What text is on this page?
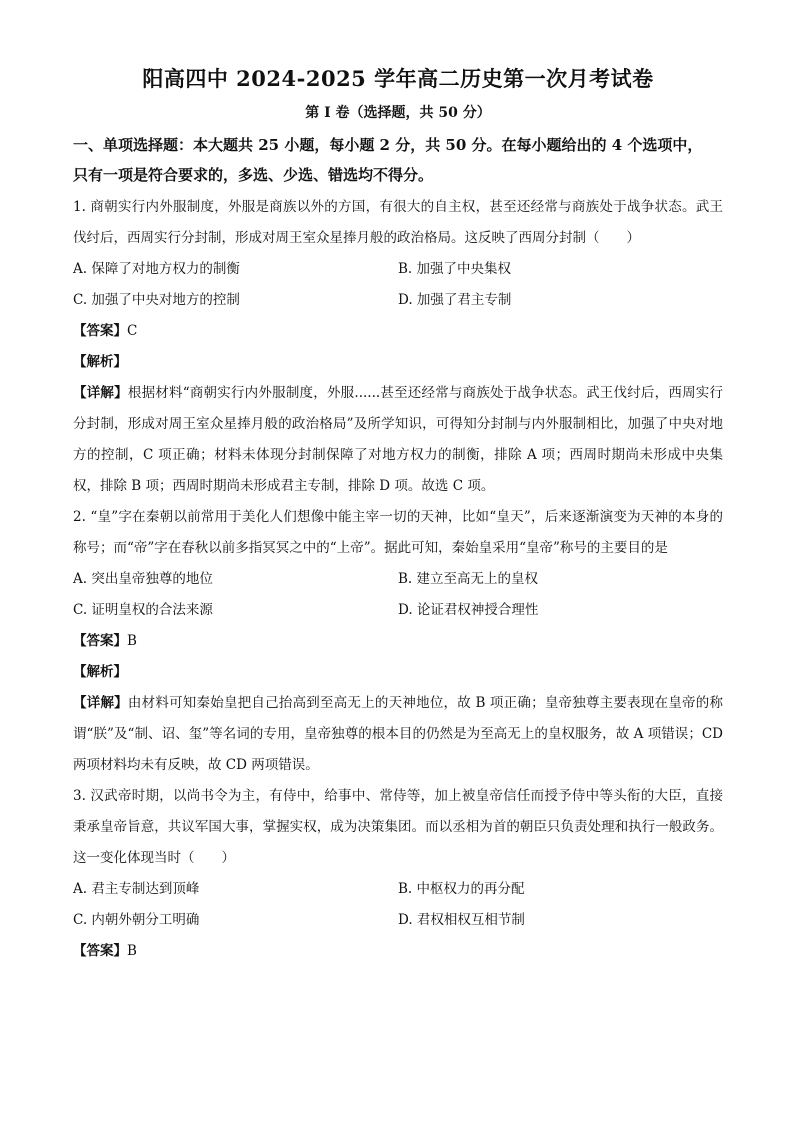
阳高四中 2024-2025 学年高二历史第一次月考试卷
第 I 卷（选择题，共 50 分）
一、单项选择题：本大题共 25 小题，每小题 2 分，共 50 分。在每小题给出的 4 个选项中，
只有一项是符合要求的，多选、少选、错选均不得分。
1. 商朝实行内外服制度，外服是商族以外的方国，有很大的自主权，甚至还经常与商族处于战争状态。武王伐纣后，西周实行分封制，形成对周王室众星捧月般的政治格局。这反映了西周分封制（　　）
A. 保障了对地方权力的制衡	B. 加强了中央集权
C. 加强了中央对地方的控制	D. 加强了君主专制
【答案】C
【解析】
【详解】根据材料“商朝实行内外服制度，外服......甚至还经常与商族处于战争状态。武王伐纣后，西周实行分封制，形成对周王室众星捧月般的政治格局”及所学知识，可得知分封制与内外服制相比，加强了中央对地方的控制，C 项正确；材料未体现分封制保障了对地方权力的制衡，排除 A 项；西周时期尚未形成中央集权，排除 B 项；西周时期尚未形成君主专制，排除 D 项。故选 C 项。
2. “皇”字在秦朝以前常用于美化人们想像中能主宰一切的天神，比如“皇天”，后来逐渐演变为天神的本身的称号；而“帝”字在春秋以前多指冥冥之中的“上帝”。据此可知，秦始皇采用“皇帝”称号的主要目的是
A. 突出皇帝独尊的地位	B. 建立至高无上的皇权
C. 证明皇权的合法来源	D. 论证君权神授合理性
【答案】B
【解析】
【详解】由材料可知秦始皇把自己抬高到至高无上的天神地位，故 B 项正确；皇帝独尊主要表现在皇帝的称谓“朕”及“制、诏、玺”等名词的专用，皇帝独尊的根本目的仍然是为至高无上的皇权服务，故 A 项错误；CD 两项材料均未有反映，故 CD 两项错误。
3. 汉武帝时期，以尚书令为主，有侍中，给事中、常侍等，加上被皇帝信任而授予侍中等头衔的大臣，直接秉承皇帝旨意，共议军国大事，掌握实权，成为决策集团。而以丞相为首的朝臣只负责处理和执行一般政务。这一变化体现当时（　　）
A. 君主专制达到顶峰	B. 中枢权力的再分配
C. 内朝外朝分工明确	D. 君权相权互相节制
【答案】B
